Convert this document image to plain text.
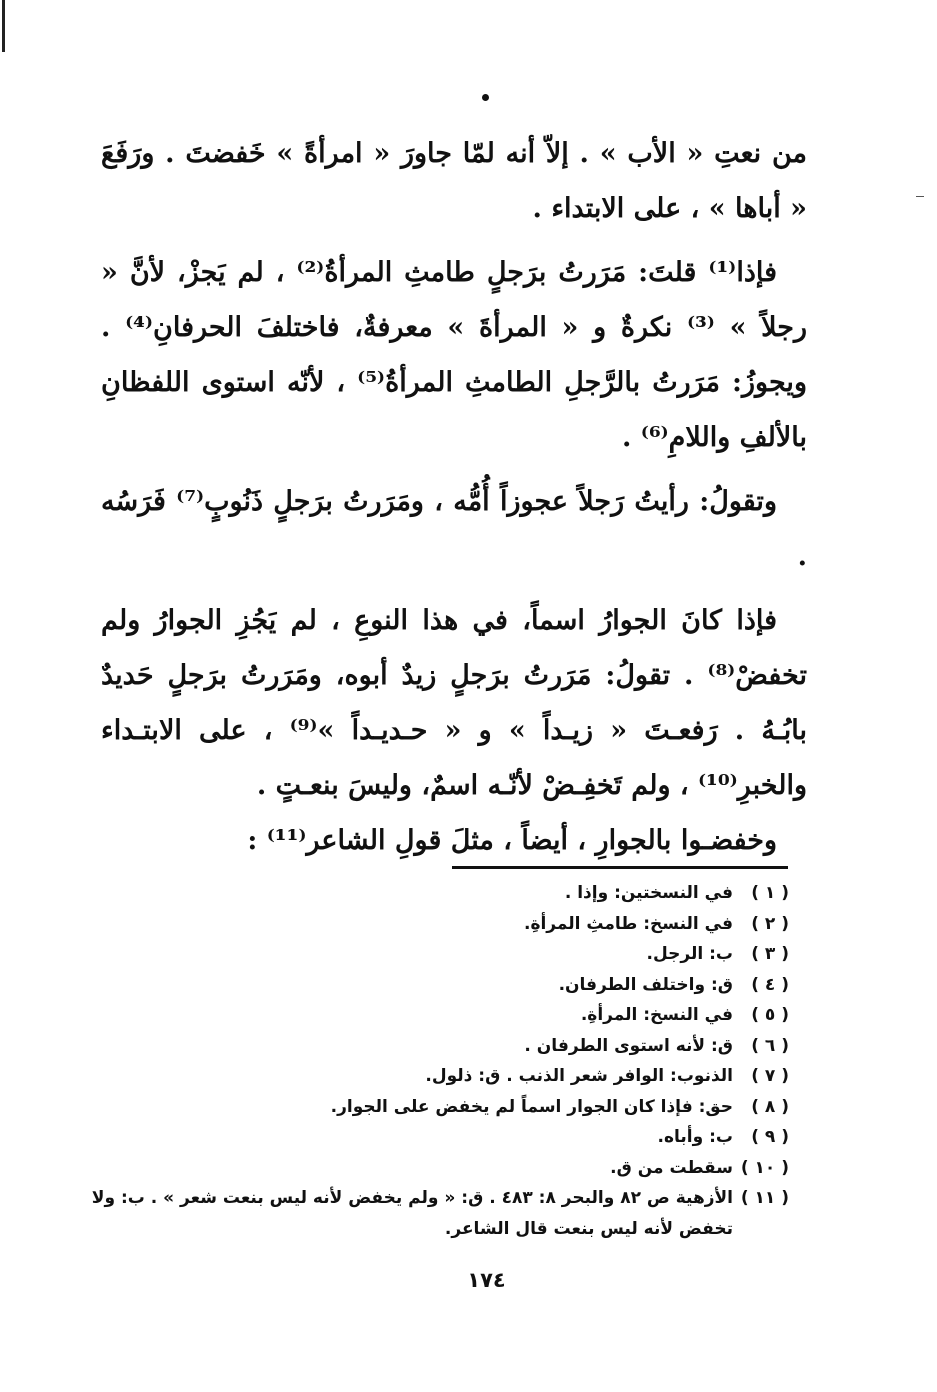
من نعتِ « الأب » . إلاّ أنه لمّا جاورَ « امرأةً » خَفضتَ . ورَفَعَ « أباها » ، على الابتداء .

فإذا⁽¹⁾ قلتَ: مَرَرتُ برَجلٍ طامثِ المرأةُ⁽²⁾ ، لم يَجزْ، لأنَّ « رجلاً » ⁽³⁾ نكرةٌ و « المرأةَ » معرفةٌ، فاختلفَ الحرفانِ⁽⁴⁾ . ويجوزُ: مَرَرتُ بالرَّجلِ الطامثِ المرأةُ⁽⁵⁾ ، لأنّه استوى اللفظانِ بالألفِ واللامِ⁽⁶⁾ .

وتقولُ: رأيتُ رَجلاً عجوزاً أُمُّه ، ومَرَرتُ برَجلٍ ذَنُوبٍ⁽⁷⁾ فَرَسُه .

فإذا كانَ الجوارُ اسماً، في هذا النوعِ ، لم يَجُزِ الجوارُ ولم تخفضْ⁽⁸⁾ . تقولُ: مَرَرتُ برَجلٍ زيدٌ أبوه، ومَرَرتُ برَجلٍ حَديدٌ بابُـهُ . رَفعـتَ « زيـداً » و « حـديـداً »⁽⁹⁾ ، على الابتـداء والخبرِ⁽¹⁰⁾ ، ولم تَخفِـضْ لأنّـه اسمٌ، وليسَ بنعـتٍ .

وخفضـوا بالجوارِ ، أيضاً ، مثلَ قولِ الشاعر⁽¹¹⁾ :

( ١ )
في النسختين: وإذا .
( ٢ )
في النسخ: طامثِ المرأةِ.
( ٣ )
ب: الرجل.
( ٤ )
ق: واختلف الطرفان.
( ٥ )
في النسخ: المرأةِ.
( ٦ )
ق: لأنه استوى الطرفان .
( ٧ )
الذنوب: الوافر شعر الذنب . ق: ذلول.
( ٨ )
حق: فإذا كان الجوار اسماً لم يخفض على الجوار.
( ٩ )
ب: وأباه.
( ١٠ )
سقطت من ق.
( ١١ )
الأزهية ص ٨٢ والبحر ٨: ٤٨٣ . ق: « ولم يخفض لأنه ليس بنعت شعر » . ب: ولا
تخفض لأنه ليس بنعت قال الشاعر.
١٧٤
